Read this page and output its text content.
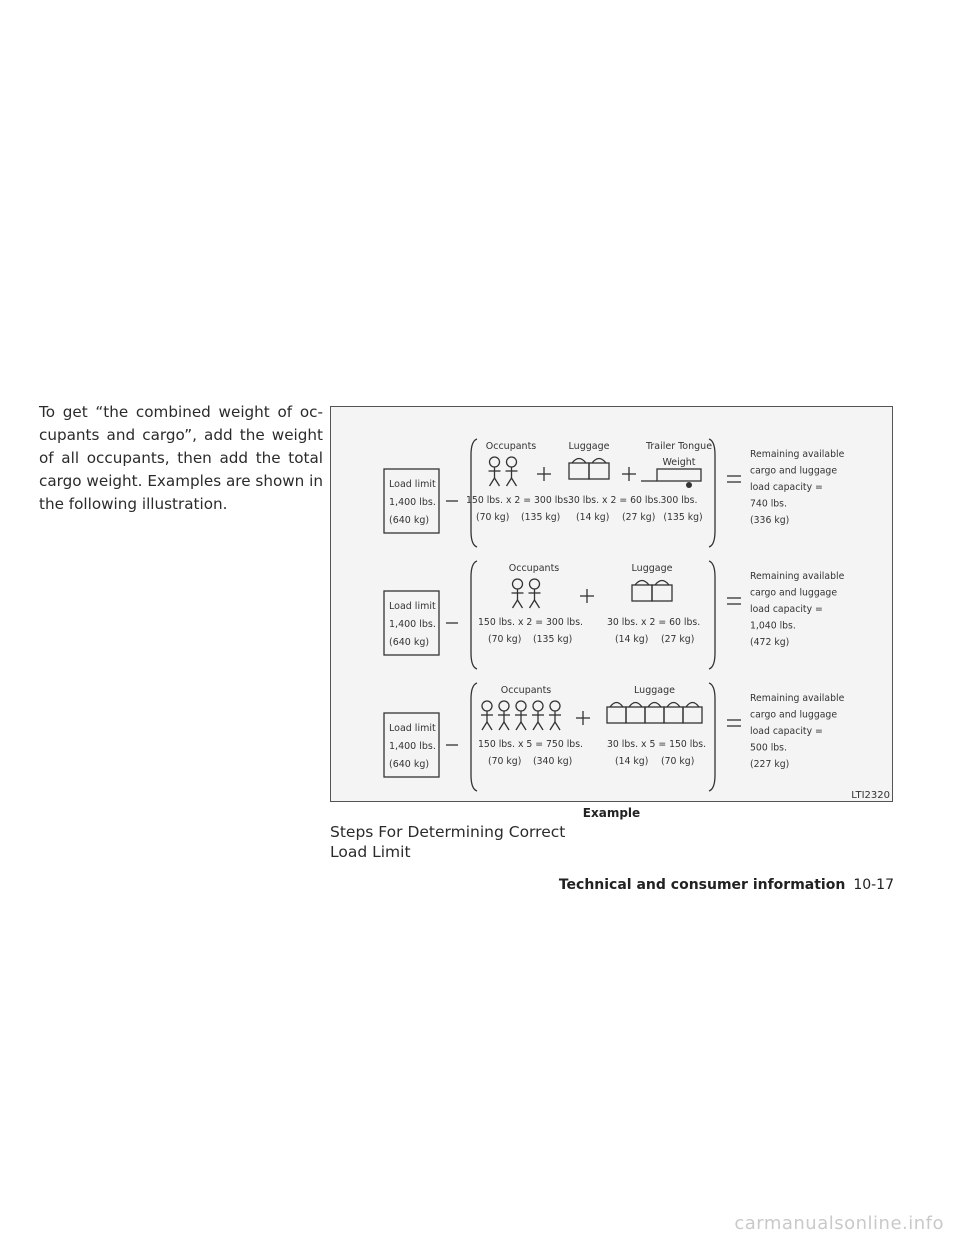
To get “the combined weight of oc-cupants and cargo”, add the weight of all occupants, then add the total cargo weight. Examples are shown in the following illustration.
Load limit
1,400 lbs.
(640 kg)
Occupants
150 lbs. x 2 = 300 lbs.
(70 kg) (135 kg)
Luggage
30 lbs. x 2 = 60 lbs.
(14 kg) (27 kg)
Trailer Tongue
Weight
300 lbs.
(135 kg)
Remaining available
cargo and luggage
load capacity =
740 lbs.
(336 kg)
Load limit
1,400 lbs.
(640 kg)
Occupants
150 lbs. x 2 = 300 lbs.
(70 kg) (135 kg)
Luggage
30 lbs. x 2 = 60 lbs.
(14 kg) (27 kg)
Remaining available
cargo and luggage
load capacity =
1,040 lbs.
(472 kg)
Load limit
1,400 lbs.
(640 kg)
Occupants
150 lbs. x 5 = 750 lbs.
(70 kg) (340 kg)
Luggage
30 lbs. x 5 = 150 lbs.
(14 kg) (70 kg)
Remaining available
cargo and luggage
load capacity =
500 lbs.
(227 kg)
LTI2320
Example
Steps For Determining Correct
Load Limit
Technical and consumer information 10-17
carmanualsonline.info
